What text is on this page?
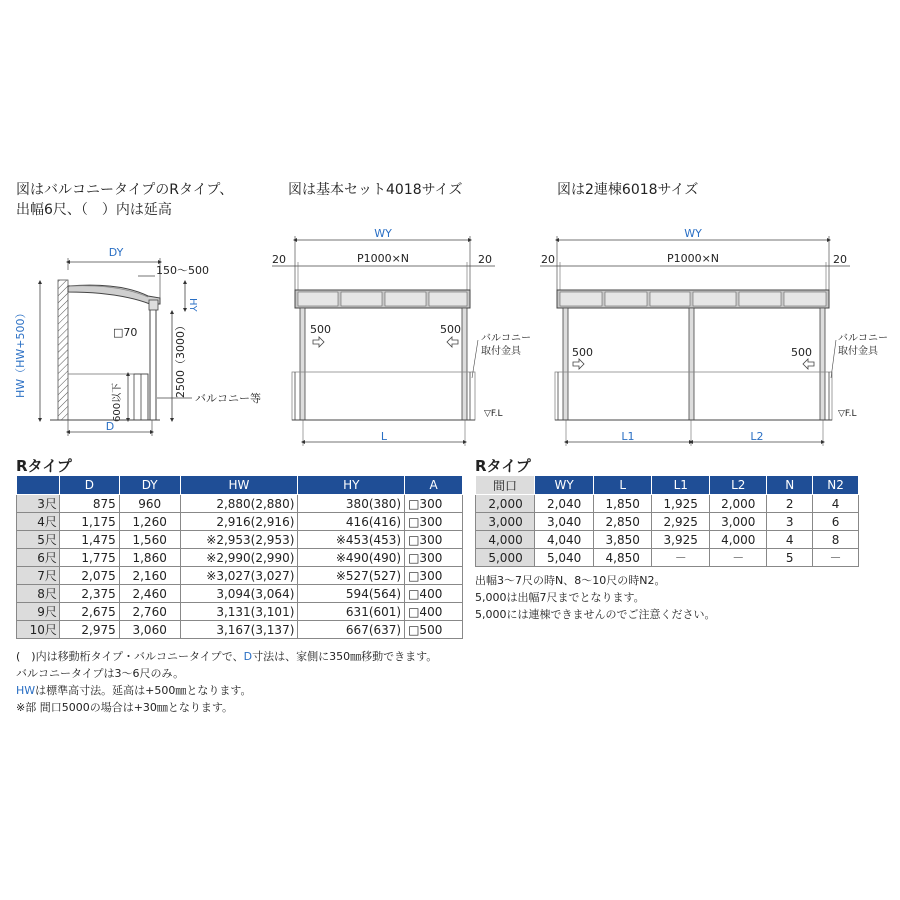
図はバルコニータイプのRタイプ、
出幅6尺、（　）内は延高
図は基本セット4018サイズ	図は2連棟6018サイズ
DY
150～500
HY
□70
HW（HW+500）	2500（3000）
600以下	バルコニー等
D
WY
20	P1000×N	20
500	500
バルコニー
取付金具
▽F.L
L
WY
20	P1000×N	20
500	500
バルコニー
取付金具
▽F.L
L1	L2
Rタイプ
	D	DY	HW	HY	A
3尺	875	960	2,880(2,880)	380(380)	□300
4尺	1,175	1,260	2,916(2,916)	416(416)	□300
5尺	1,475	1,560	※2,953(2,953)	※453(453)	□300
6尺	1,775	1,860	※2,990(2,990)	※490(490)	□300
7尺	2,075	2,160	※3,027(3,027)	※527(527)	□300
8尺	2,375	2,460	3,094(3,064)	594(564)	□400
9尺	2,675	2,760	3,131(3,101)	631(601)	□400
10尺	2,975	3,060	3,167(3,137)	667(637)	□500
Rタイプ
間口	WY	L	L1	L2	N	N2
2,000	2,040	1,850	1,925	2,000	2	4
3,000	3,040	2,850	2,925	3,000	3	6
4,000	4,040	3,850	3,925	4,000	4	8
5,000	5,040	4,850	－	－	5	－
(　)内は移動桁タイプ・バルコニータイプで、D寸法は、家側に350㎜移動できます。
バルコニータイプは3～6尺のみ。
HWは標準高寸法。延高は+500㎜となります。
※部 間口5000の場合は+30㎜となります。
出幅3～7尺の時N、8～10尺の時N2。
5,000は出幅7尺までとなります。
5,000には連棟できませんのでご注意ください。
